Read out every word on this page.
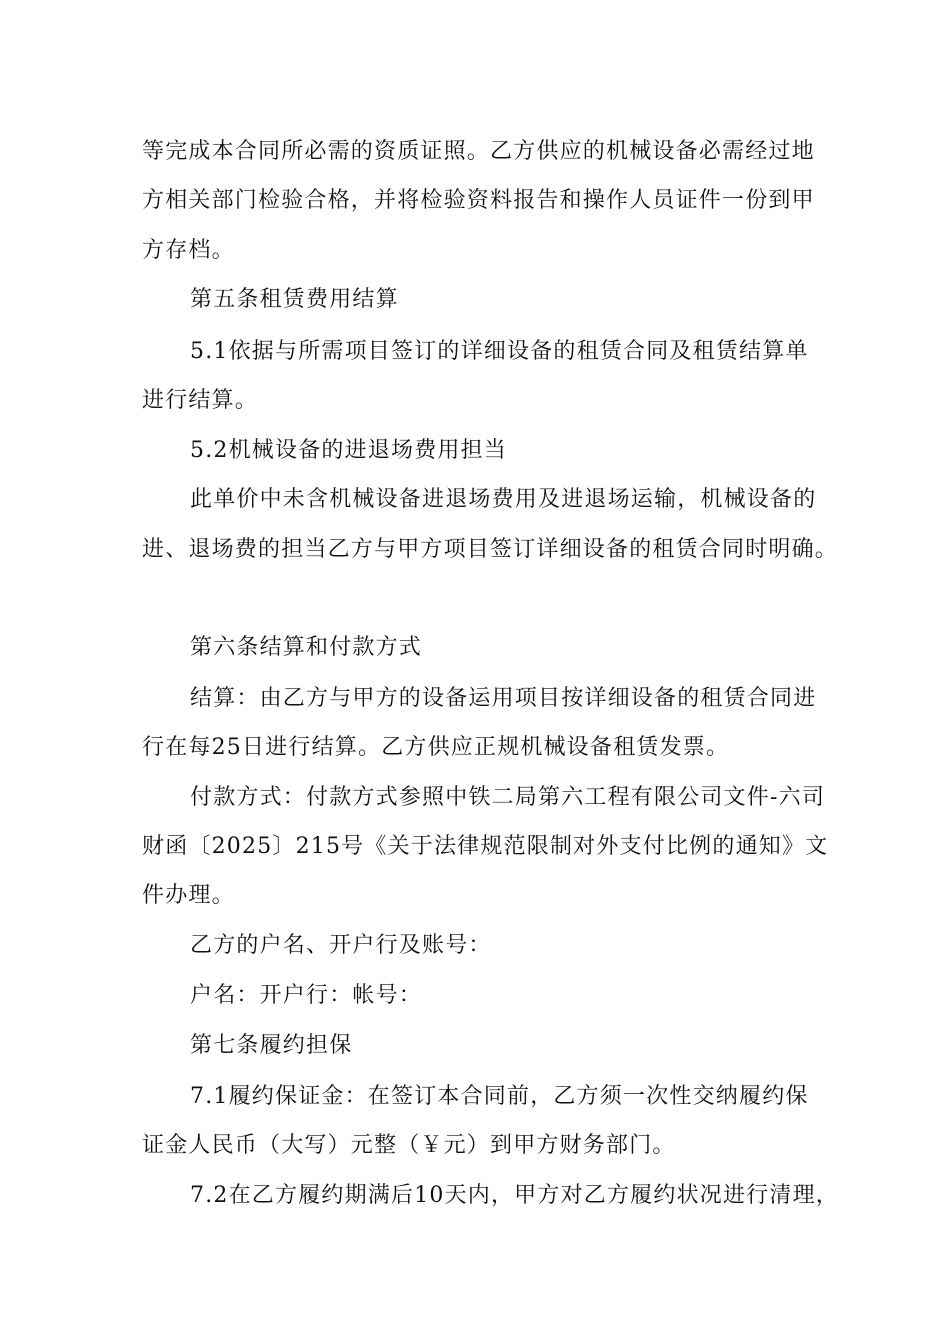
等完成本合同所必需的资质证照。乙方供应的机械设备必需经过地
方相关部门检验合格，并将检验资料报告和操作人员证件一份到甲
方存档。
第五条租赁费用结算
5.1依据与所需项目签订的详细设备的租赁合同及租赁结算单
进行结算。
5.2机械设备的进退场费用担当
此单价中未含机械设备进退场费用及进退场运输，机械设备的
进、退场费的担当乙方与甲方项目签订详细设备的租赁合同时明确。
第六条结算和付款方式
结算：由乙方与甲方的设备运用项目按详细设备的租赁合同进
行在每25日进行结算。乙方供应正规机械设备租赁发票。
付款方式：付款方式参照中铁二局第六工程有限公司文件-六司
财函〔2025〕215号《关于法律规范限制对外支付比例的通知》文
件办理。
乙方的户名、开户行及账号：
户名：开户行：帐号：
第七条履约担保
7.1履约保证金：在签订本合同前，乙方须一次性交纳履约保
证金人民币（大写）元整（￥元）到甲方财务部门。
7.2在乙方履约期满后10天内，甲方对乙方履约状况进行清理，
